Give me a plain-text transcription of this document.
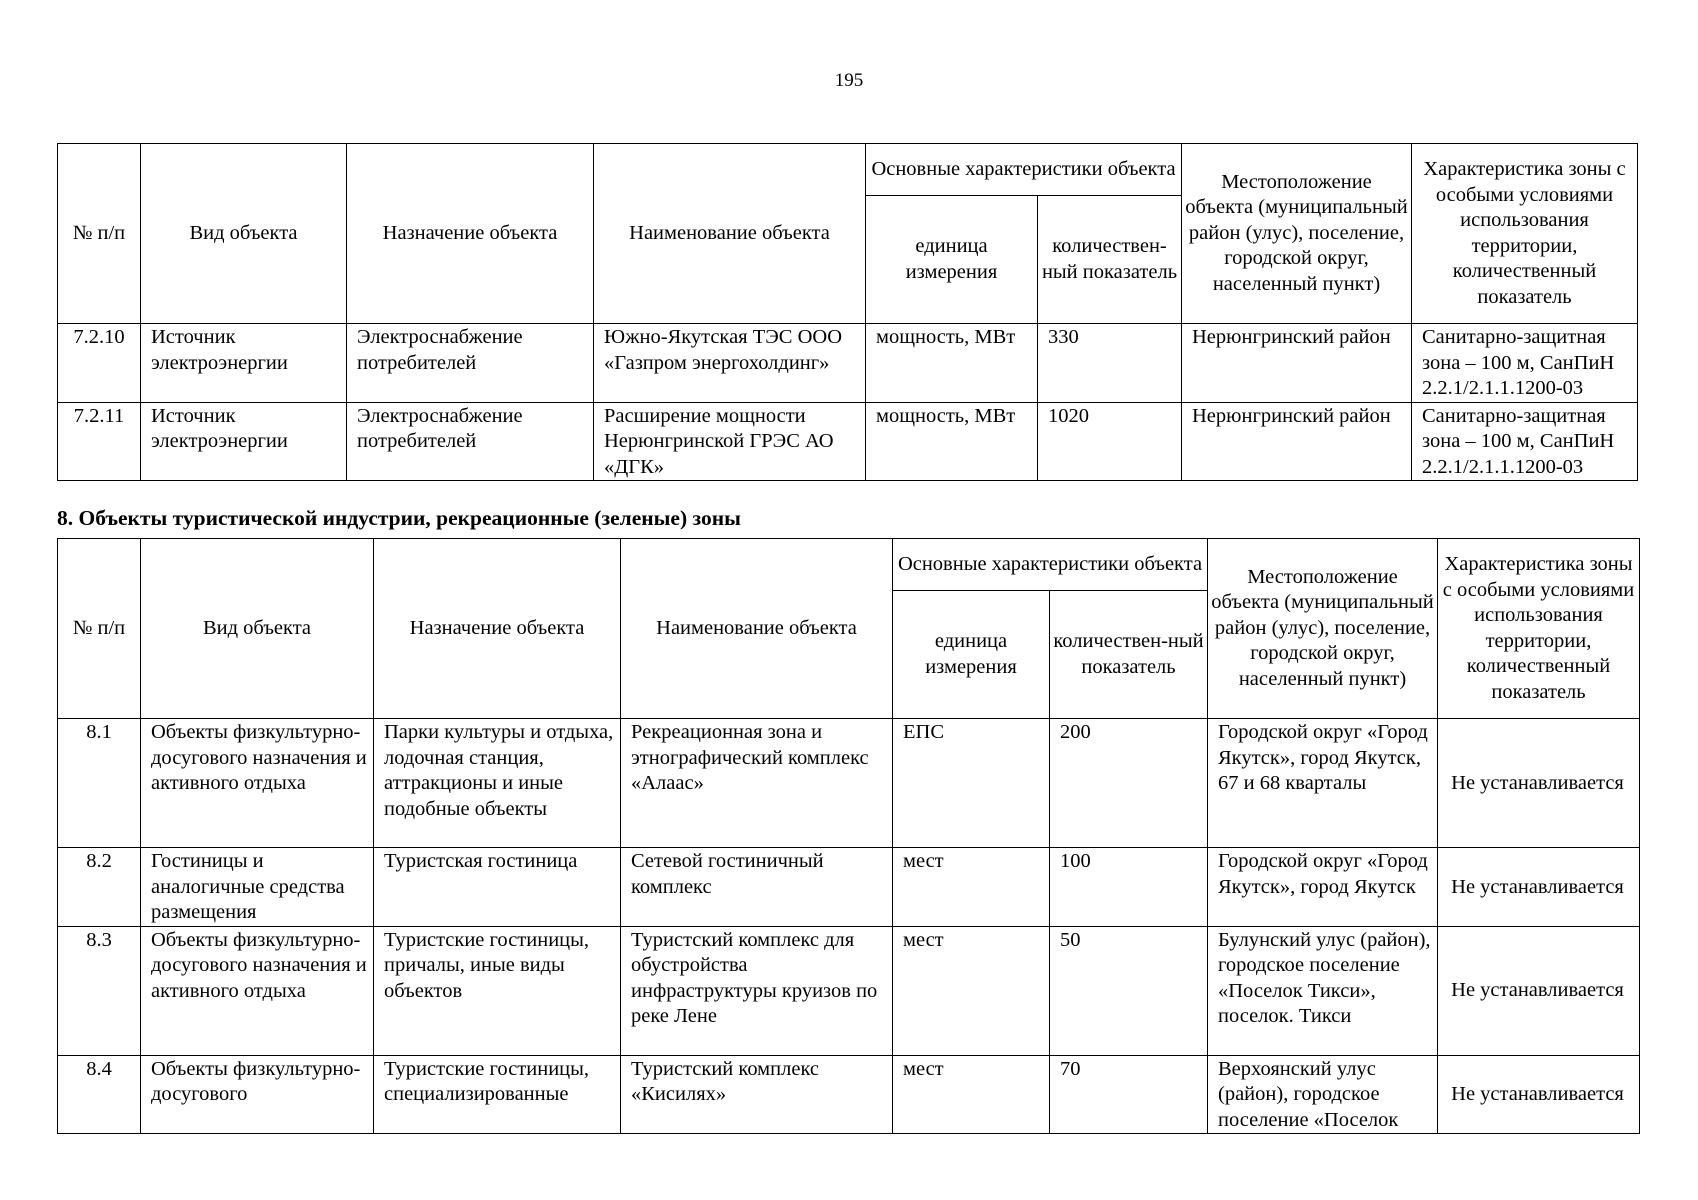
195
№ п/п	Вид объекта	Назначение объекта	Наименование объекта	Основные характеристики объекта		Местоположение объекта (муниципальный район (улус), поселение, городской округ, населенный пункт)	Характеристика зоны с особыми условиями использования территории, количественный показатель
				единица измерения	количествен-ный показатель		
7.2.10	Источник электроэнергии	Электроснабжение потребителей	Южно-Якутская ТЭС ООО «Газпром энергохолдинг»	мощность, МВт	330	Нерюнгринский район	Санитарно-защитная зона – 100 м, СанПиН 2.2.1/2.1.1.1200-03
7.2.11	Источник электроэнергии	Электроснабжение потребителей	Расширение мощности Нерюнгринской ГРЭС АО «ДГК»	мощность, МВт	1020	Нерюнгринский район	Санитарно-защитная зона – 100 м, СанПиН 2.2.1/2.1.1.1200-03
8. Объекты туристической индустрии, рекреационные (зеленые) зоны
№ п/п	Вид объекта	Назначение объекта	Наименование объекта	Основные характеристики объекта		Местоположение объекта (муниципальный район (улус), поселение, городской округ, населенный пункт)	Характеристика зоны с особыми условиями использования территории, количественный показатель
				единица измерения	количествен-ный показатель		
8.1	Объекты физкультурно-досугового назначения и активного отдыха	Парки культуры и отдыха, лодочная станция, аттракционы и иные подобные объекты	Рекреационная зона и этнографический комплекс «Алаас»	ЕПС	200	Городской округ «Город Якутск», город Якутск, 67 и 68 кварталы	Не устанавливается
8.2	Гостиницы и аналогичные средства размещения	Туристская гостиница	Сетевой гостиничный комплекс	мест	100	Городской округ «Город Якутск», город Якутск	Не устанавливается
8.3	Объекты физкультурно-досугового назначения и активного отдыха	Туристские гостиницы, причалы, иные виды объектов	Туристский комплекс для обустройства инфраструктуры круизов по реке Лене	мест	50	Булунский улус (район), городское поселение «Поселок Тикси», поселок. Тикси	Не устанавливается
8.4	Объекты физкультурно-досугового	Туристские гостиницы, специализированные	Туристский комплекс «Кисилях»	мест	70	Верхоянский улус (район), городское поселение «Поселок	Не устанавливается
